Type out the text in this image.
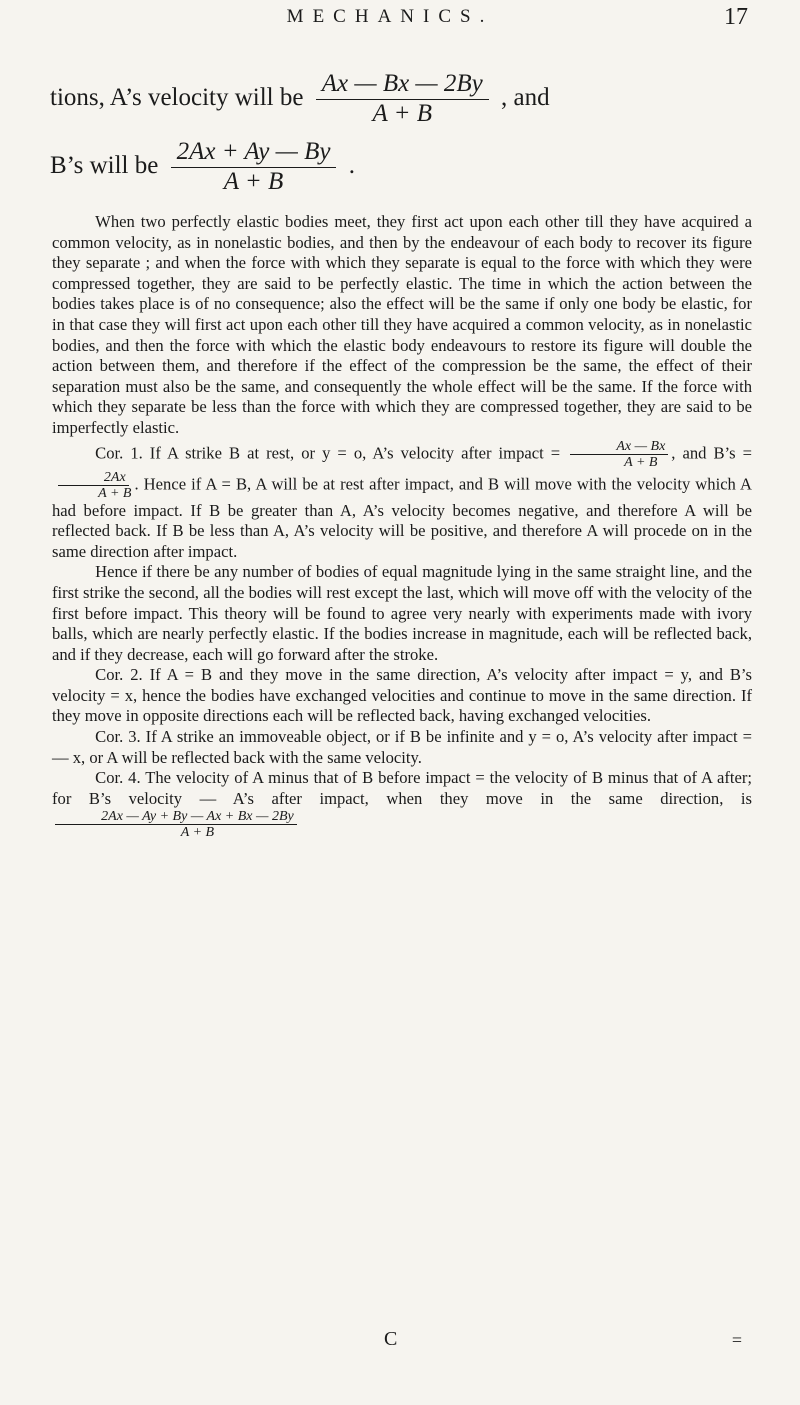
MECHANICS.	17
tions, A’s velocity will be $\frac{Ax — Bx — 2By}{A + B}$ , and
B’s will be $\frac{2Ax + Ay — By}{A + B}$ .

When two perfectly elastic bodies meet, they first act upon each other till they have acquired a common velocity, as in nonelastic bodies, and then by the endeavour of each body to recover its figure they separate ; and when the force with which they separate is equal to the force with which they were compressed together, they are said to be perfectly elastic. The time in which the action between the bodies takes place is of no consequence; also the effect will be the same if only one body be elastic, for in that case they will first act upon each other till they have acquired a common velocity, as in nonelastic bodies, and then the force with which the elastic body endeavours to restore its figure will double the action between them, and therefore if the effect of the compression be the same, the effect of their separation must also be the same, and consequently the whole effect will be the same. If the force with which they separate be less than the force with which they are compressed together, they are said to be imperfectly elastic.

Cor. 1. If A strike B at rest, or y = o, A’s velocity after impact = $\frac{Ax — Bx}{A + B}$ , and B’s =
$\frac{2Ax}{A + B}$ . Hence if A = B, A will be at rest after impact, and B will move with the velocity which A had before impact. If B be greater than A, A’s velocity becomes negative, and therefore A will be reflected back. If B be less than A, A’s velocity will be positive, and therefore A will procede on in the same direction after impact.

Hence if there be any number of bodies of equal magnitude lying in the same straight line, and the first strike the second, all the bodies will rest except the last, which will move off with the velocity of the first before impact. This theory will be found to agree very nearly with experiments made with ivory balls, which are nearly perfectly elastic. If the bodies increase in magnitude, each will be reflected back, and if they decrease, each will go forward after the stroke.

Cor. 2. If A = B and they move in the same direction, A’s velocity after impact = y, and B’s velocity = x, hence the bodies have exchanged velocities and continue to move in the same direction. If they move in opposite directions each will be reflected back, having exchanged velocities.

Cor. 3. If A strike an immoveable object, or if B be infinite and y = o, A’s velocity after impact = — x, or A will be reflected back with the same velocity.

Cor. 4. The velocity of A minus that of B before impact = the velocity of B minus that of A after; for B’s velocity — A’s after impact, when they move in the same direction, is
$\frac{2Ax — Ay + By — Ax + Bx — 2By}{A + B}$

C	=
